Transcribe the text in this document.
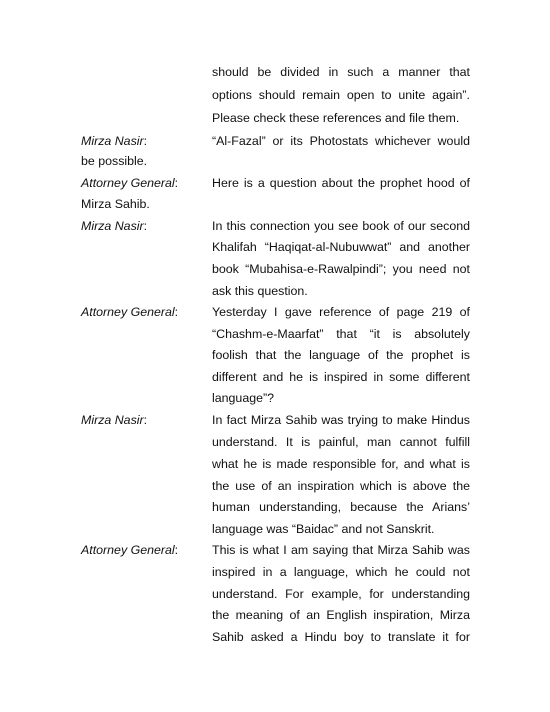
should be divided in such a manner that
options should remain open to unite again”.
Please check these references and file them.
Mirza Nasir:	“Al-Fazal” or its Photostats whichever would
be possible.
Attorney General:	Here is a question about the prophet hood of
Mirza Sahib.
Mirza Nasir:	In this connection you see book of our second
Khalifah “Haqiqat-al-Nubuwwat” and another
book “Mubahisa-e-Rawalpindi”; you need not
ask this question.
Attorney General:	Yesterday I gave reference of page 219 of
“Chashm-e-Maarfat” that “it is absolutely
foolish that the language of the prophet is
different and he is inspired in some different
language”?
Mirza Nasir:	In fact Mirza Sahib was trying to make Hindus
understand. It is painful, man cannot fulfill
what he is made responsible for, and what is
the use of an inspiration which is above the
human understanding, because the Arians’
language was “Baidac” and not Sanskrit.
Attorney General:	This is what I am saying that Mirza Sahib was
inspired in a language, which he could not
understand. For example, for understanding
the meaning of an English inspiration, Mirza
Sahib asked a Hindu boy to translate it for
